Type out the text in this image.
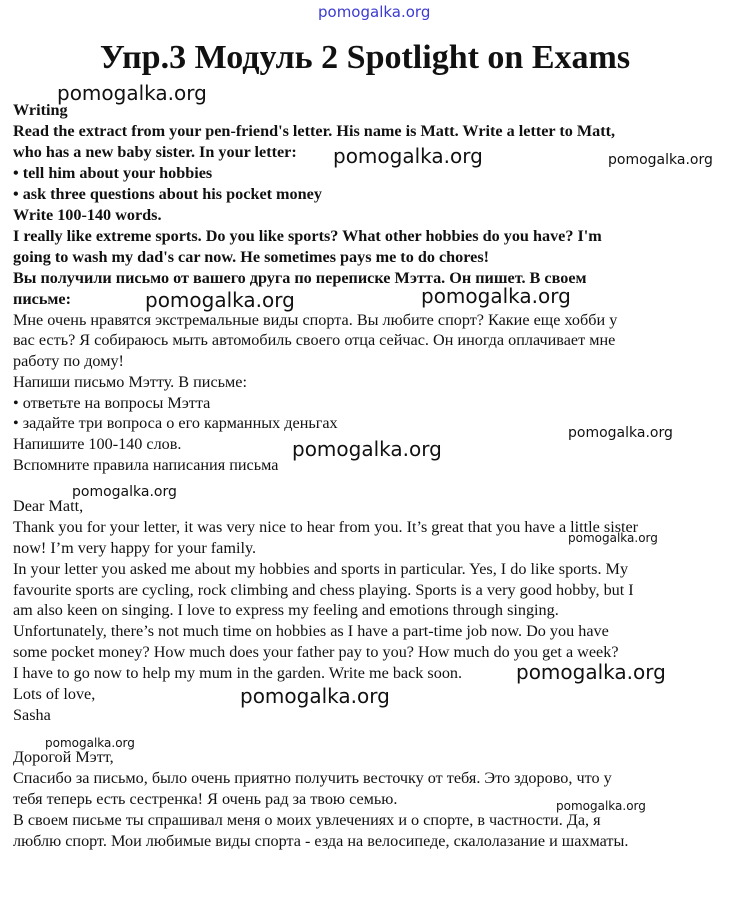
Упр.3 Модуль 2 Spotlight on Exams
Writing
Read the extract from your pen-friend's letter. His name is Matt. Write a letter to Matt,
who has a new baby sister. In your letter:
• tell him about your hobbies
• ask three questions about his pocket money
Write 100-140 words.
I really like extreme sports. Do you like sports? What other hobbies do you have? I'm
going to wash my dad's car now. He sometimes pays me to do chores!
Вы получили письмо от вашего друга по переписке Мэтта. Он пишет. В своем
письме:
Мне очень нравятся экстремальные виды спорта. Вы любите спорт? Какие еще хобби у
вас есть? Я собираюсь мыть автомобиль своего отца сейчас. Он иногда оплачивает мне
работу по дому!
Напиши письмо Мэтту. В письме:
• ответьте на вопросы Мэтта
• задайте три вопроса о его карманных деньгах
Напишите 100-140 слов.
Вспомните правила написания письма
Dear Matt,
Thank you for your letter, it was very nice to hear from you. It’s great that you have a little sister
now! I’m very happy for your family.
In your letter you asked me about my hobbies and sports in particular. Yes, I do like sports. My
favourite sports are cycling, rock climbing and chess playing. Sports is a very good hobby, but I
am also keen on singing. I love to express my feeling and emotions through singing.
Unfortunately, there’s not much time on hobbies as I have a part-time job now. Do you have
some pocket money? How much does your father pay to you? How much do you get a week?
I have to go now to help my mum in the garden. Write me back soon.
Lots of love,
Sasha
Дорогой Мэтт,
Спасибо за письмо, было очень приятно получить весточку от тебя. Это здорово, что у
тебя теперь есть сестренка! Я очень рад за твою семью.
В своем письме ты спрашивал меня о моих увлечениях и о спорте, в частности. Да, я
люблю спорт. Мои любимые виды спорта - езда на велосипеде, скалолазание и шахматы.
pomogalka.org
pomogalka.org
pomogalka.org	pomogalka.org
pomogalka.org	pomogalka.org
pomogalka.org
pomogalka.org
pomogalka.org
pomogalka.org
pomogalka.org
pomogalka.org
pomogalka.org
pomogalka.org
